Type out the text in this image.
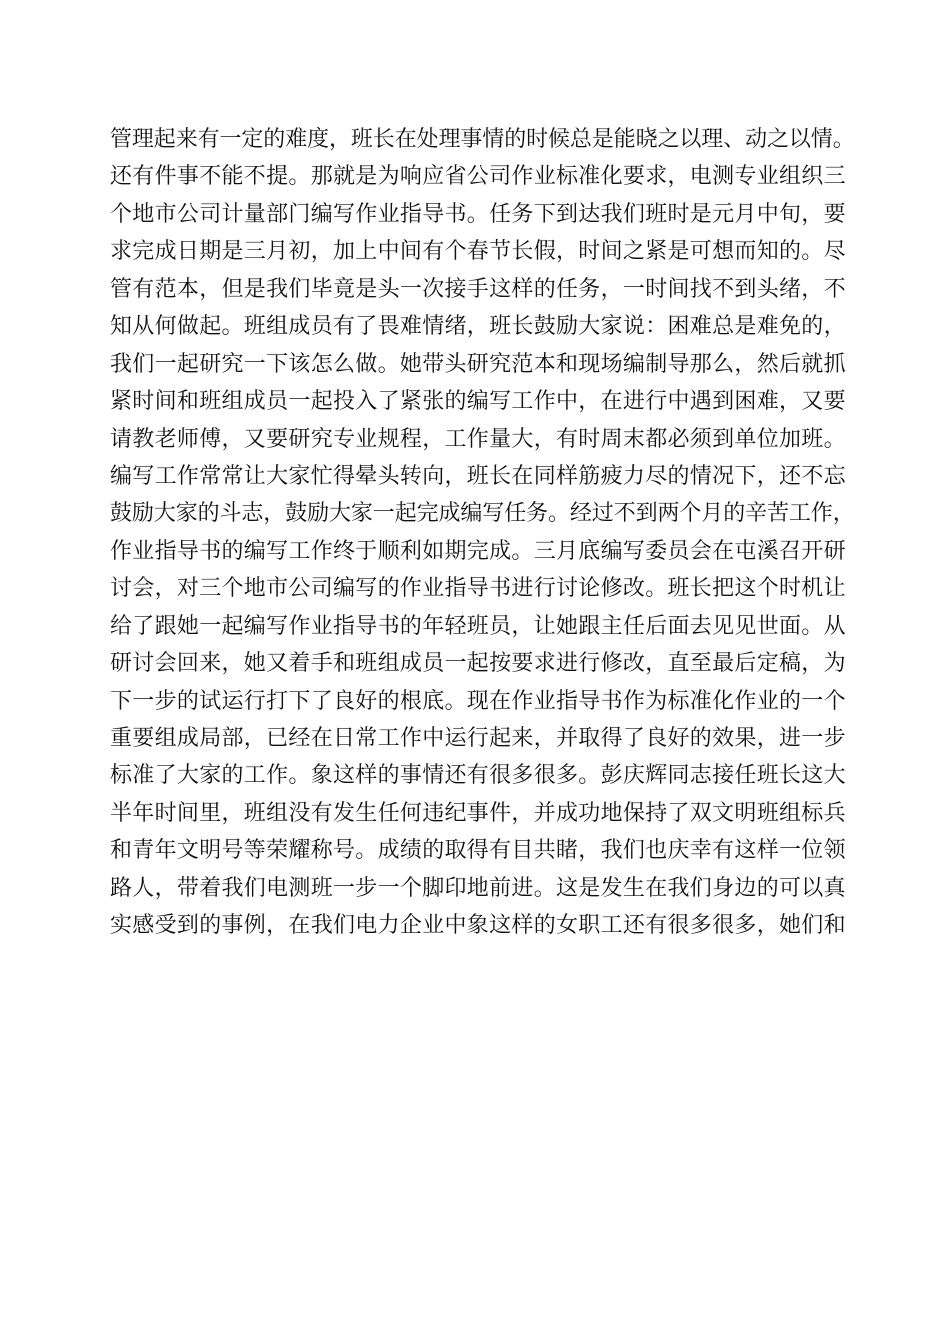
管理起来有一定的难度，班长在处理事情的时候总是能晓之以理、动之以情。
还有件事不能不提。那就是为响应省公司作业标准化要求，电测专业组织三
个地市公司计量部门编写作业指导书。任务下到达我们班时是元月中旬，要
求完成日期是三月初，加上中间有个春节长假，时间之紧是可想而知的。尽
管有范本，但是我们毕竟是头一次接手这样的任务，一时间找不到头绪，不
知从何做起。班组成员有了畏难情绪，班长鼓励大家说：困难总是难免的，
我们一起研究一下该怎么做。她带头研究范本和现场编制导那么，然后就抓
紧时间和班组成员一起投入了紧张的编写工作中，在进行中遇到困难，又要
请教老师傅，又要研究专业规程，工作量大，有时周末都必须到单位加班。
编写工作常常让大家忙得晕头转向，班长在同样筋疲力尽的情况下，还不忘
鼓励大家的斗志，鼓励大家一起完成编写任务。经过不到两个月的辛苦工作，
作业指导书的编写工作终于顺利如期完成。三月底编写委员会在屯溪召开研
讨会，对三个地市公司编写的作业指导书进行讨论修改。班长把这个时机让
给了跟她一起编写作业指导书的年轻班员，让她跟主任后面去见见世面。从
研讨会回来，她又着手和班组成员一起按要求进行修改，直至最后定稿，为
下一步的试运行打下了良好的根底。现在作业指导书作为标准化作业的一个
重要组成局部，已经在日常工作中运行起来，并取得了良好的效果，进一步
标准了大家的工作。象这样的事情还有很多很多。彭庆辉同志接任班长这大
半年时间里，班组没有发生任何违纪事件，并成功地保持了双文明班组标兵
和青年文明号等荣耀称号。成绩的取得有目共睹，我们也庆幸有这样一位领
路人，带着我们电测班一步一个脚印地前进。这是发生在我们身边的可以真
实感受到的事例，在我们电力企业中象这样的女职工还有很多很多，她们和
